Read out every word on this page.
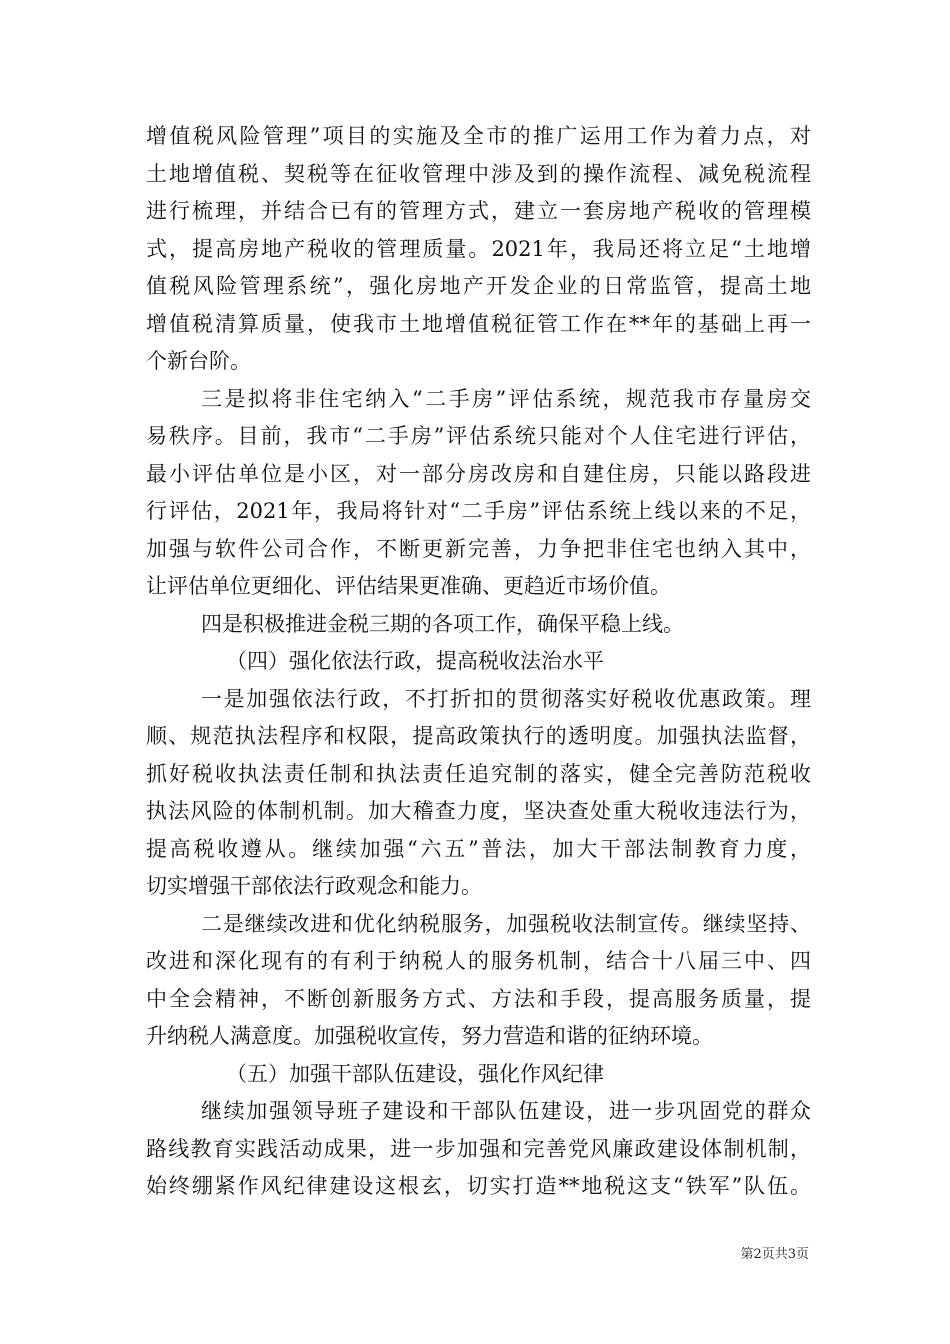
增值税风险管理”项目的实施及全市的推广运用工作为着力点，对
土地增值税、契税等在征收管理中涉及到的操作流程、减免税流程
进行梳理，并结合已有的管理方式，建立一套房地产税收的管理模
式，提高房地产税收的管理质量。2021年，我局还将立足“土地增
值税风险管理系统”，强化房地产开发企业的日常监管，提高土地
增值税清算质量，使我市土地增值税征管工作在**年的基础上再一
个新台阶。
三是拟将非住宅纳入“二手房”评估系统，规范我市存量房交
易秩序。目前，我市“二手房”评估系统只能对个人住宅进行评估，
最小评估单位是小区，对一部分房改房和自建住房，只能以路段进
行评估，2021年，我局将针对“二手房”评估系统上线以来的不足，
加强与软件公司合作，不断更新完善，力争把非住宅也纳入其中，
让评估单位更细化、评估结果更准确、更趋近市场价值。
四是积极推进金税三期的各项工作，确保平稳上线。
（四）强化依法行政，提高税收法治水平
一是加强依法行政，不打折扣的贯彻落实好税收优惠政策。理
顺、规范执法程序和权限，提高政策执行的透明度。加强执法监督，
抓好税收执法责任制和执法责任追究制的落实，健全完善防范税收
执法风险的体制机制。加大稽查力度，坚决查处重大税收违法行为，
提高税收遵从。继续加强“六五”普法，加大干部法制教育力度，
切实增强干部依法行政观念和能力。
二是继续改进和优化纳税服务，加强税收法制宣传。继续坚持、
改进和深化现有的有利于纳税人的服务机制，结合十八届三中、四
中全会精神，不断创新服务方式、方法和手段，提高服务质量，提
升纳税人满意度。加强税收宣传，努力营造和谐的征纳环境。
（五）加强干部队伍建设，强化作风纪律
继续加强领导班子建设和干部队伍建设，进一步巩固党的群众
路线教育实践活动成果，进一步加强和完善党风廉政建设体制机制，
始终绷紧作风纪律建设这根玄，切实打造**地税这支“铁军”队伍。
第2页共3页
